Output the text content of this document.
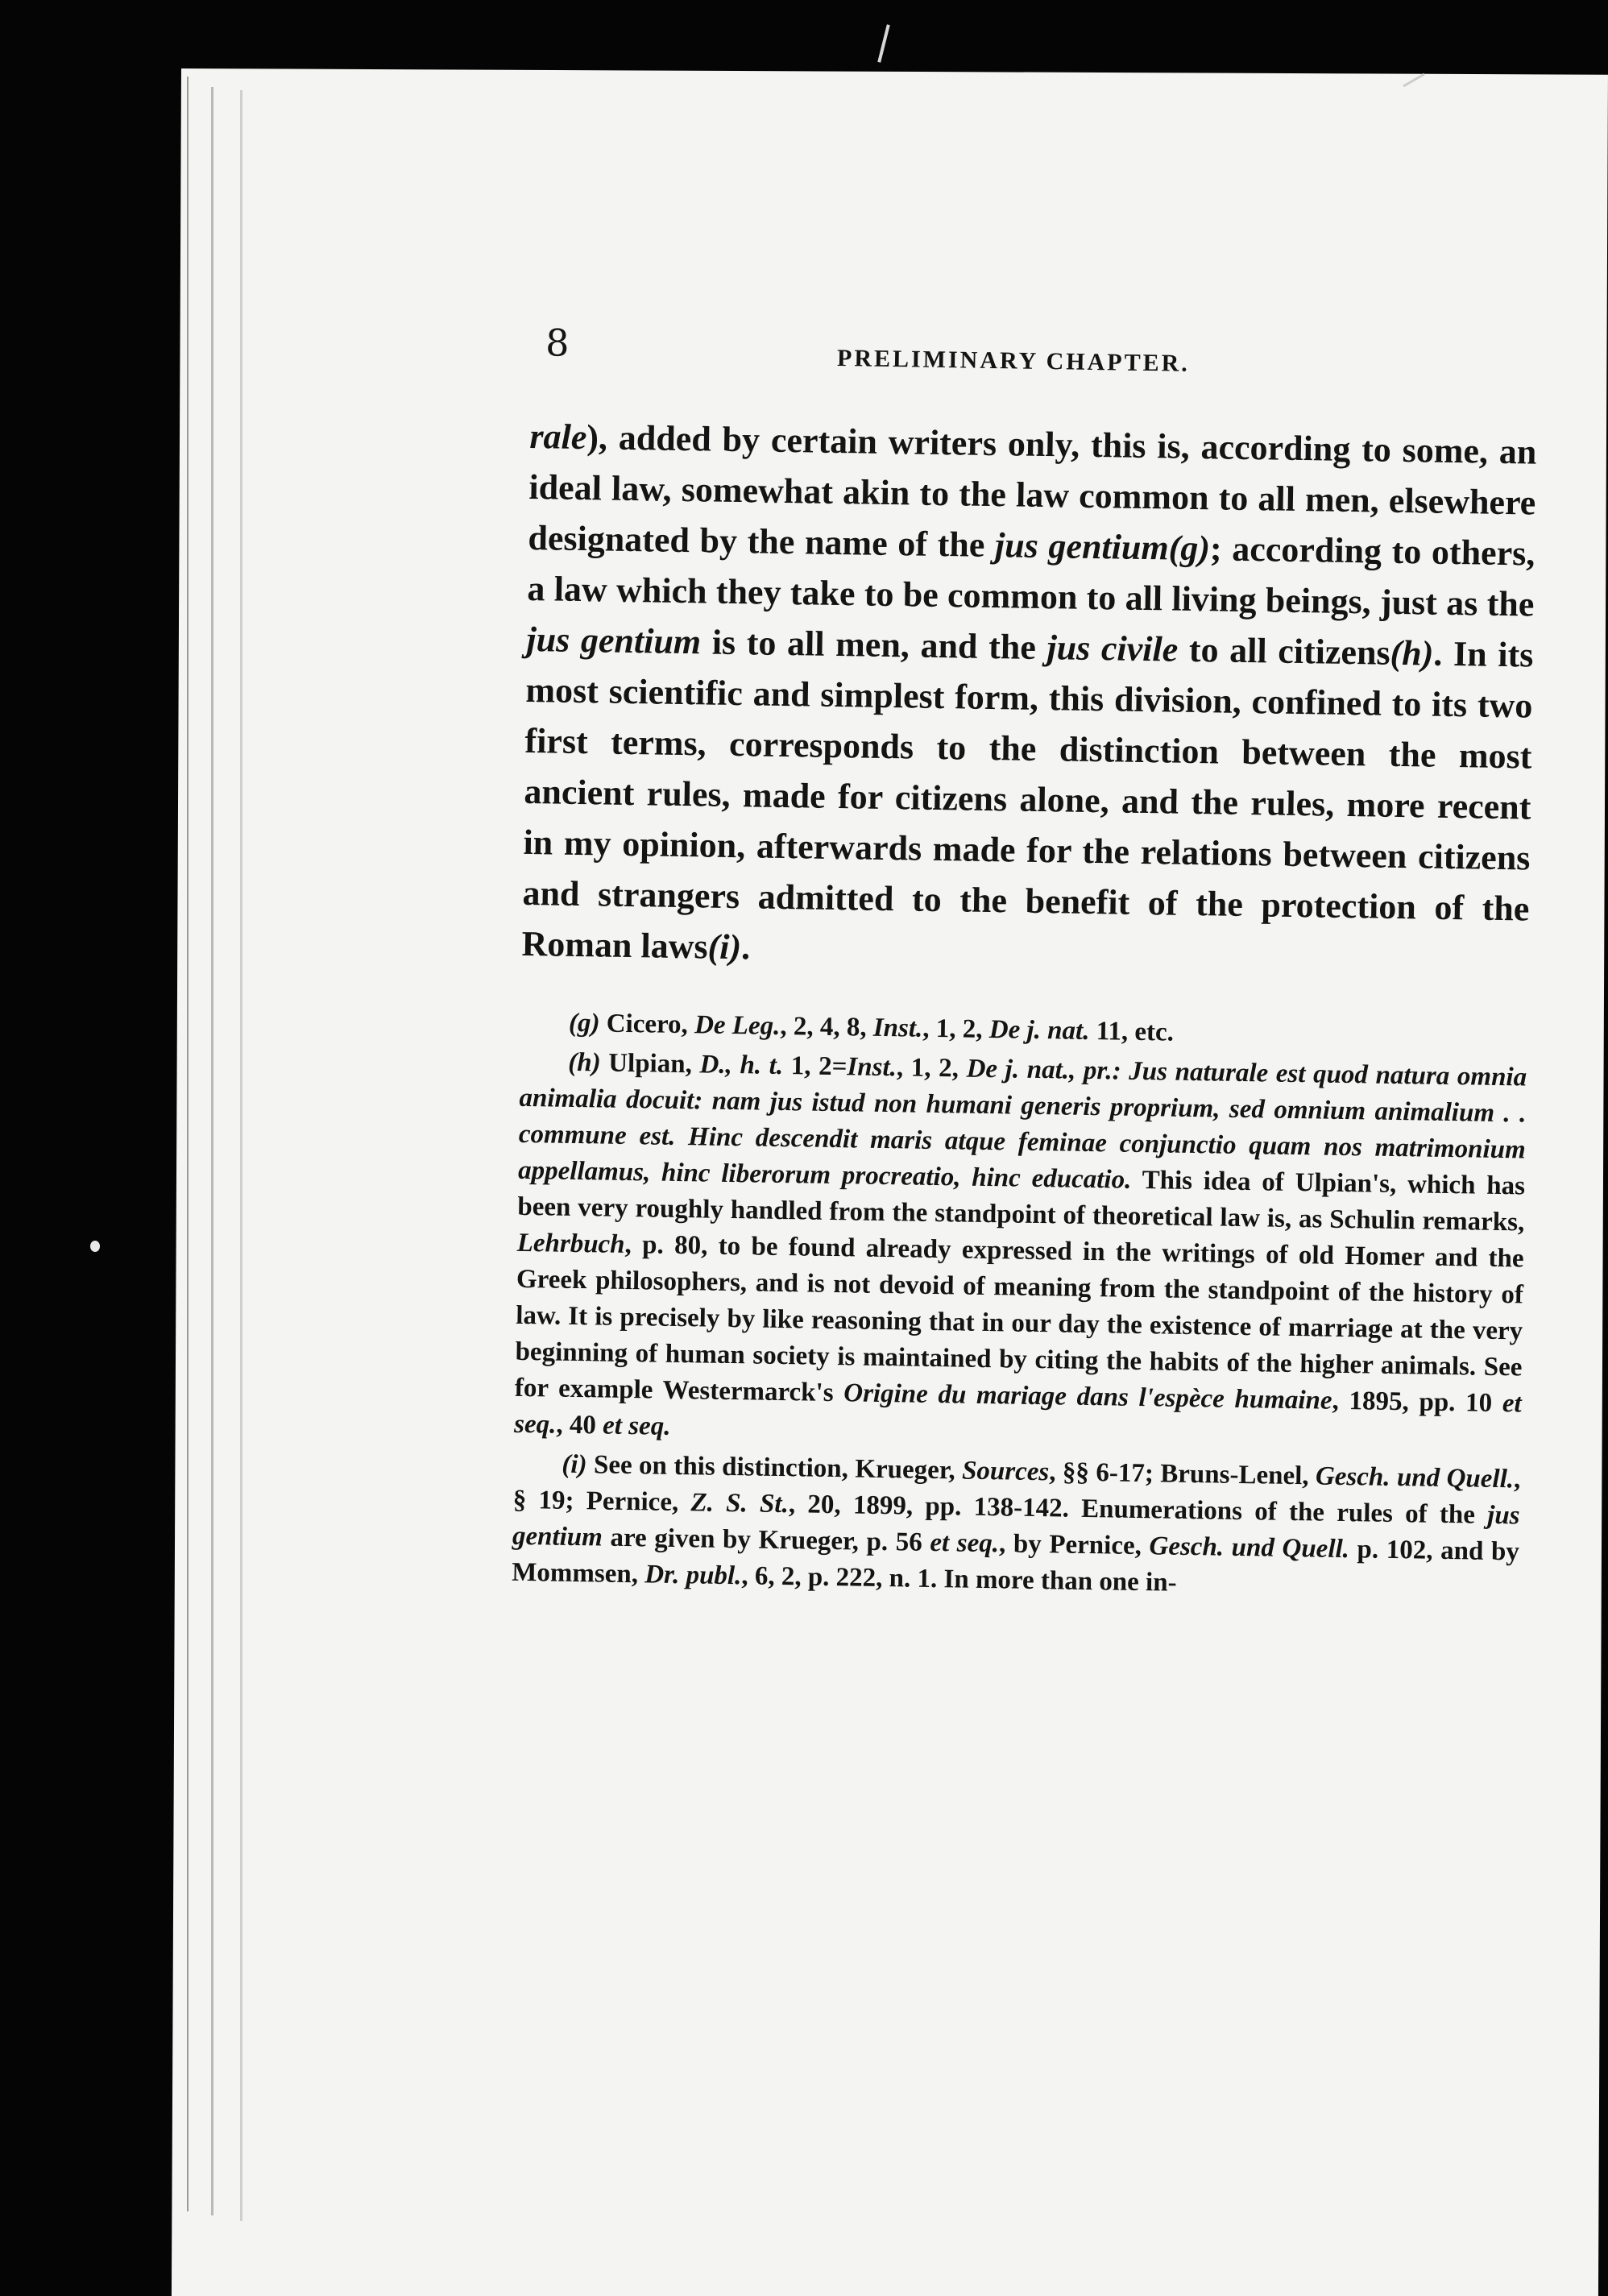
8	PRELIMINARY CHAPTER.

rale), added by certain writers only, this is, according to some, an ideal law, somewhat akin to the law common to all men, elsewhere designated by the name of the jus gentium(g); according to others, a law which they take to be common to all living beings, just as the jus gentium is to all men, and the jus civile to all citizens(h). In its most scientific and simplest form, this division, confined to its two first terms, corresponds to the distinction between the most ancient rules, made for citizens alone, and the rules, more recent in my opinion, afterwards made for the relations between citizens and strangers admitted to the benefit of the protection of the Roman laws(i).

(g) Cicero, De Leg., 2, 4, 8, Inst., 1, 2, De j. nat. 11, etc.

(h) Ulpian, D., h. t. 1, 2=Inst., 1, 2, De j. nat., pr.: Jus naturale est quod natura omnia animalia docuit: nam jus istud non humani generis proprium, sed omnium animalium . . commune est. Hinc descendit maris atque feminae conjunctio quam nos matrimonium appellamus, hinc liberorum procreatio, hinc educatio. This idea of Ulpian's, which has been very roughly handled from the standpoint of theoretical law is, as Schulin remarks, Lehrbuch, p. 80, to be found already expressed in the writings of old Homer and the Greek philosophers, and is not devoid of meaning from the standpoint of the history of law. It is precisely by like reasoning that in our day the existence of marriage at the very beginning of human society is maintained by citing the habits of the higher animals. See for example Westermarck's Origine du mariage dans l'espèce humaine, 1895, pp. 10 et seq., 40 et seq.

(i) See on this distinction, Krueger, Sources, §§ 6-17; Bruns-Lenel, Gesch. und Quell., § 19; Pernice, Z. S. St., 20, 1899, pp. 138-142. Enumerations of the rules of the jus gentium are given by Krueger, p. 56 et seq., by Pernice, Gesch. und Quell. p. 102, and by Mommsen, Dr. publ., 6, 2, p. 222, n. 1. In more than one in-
